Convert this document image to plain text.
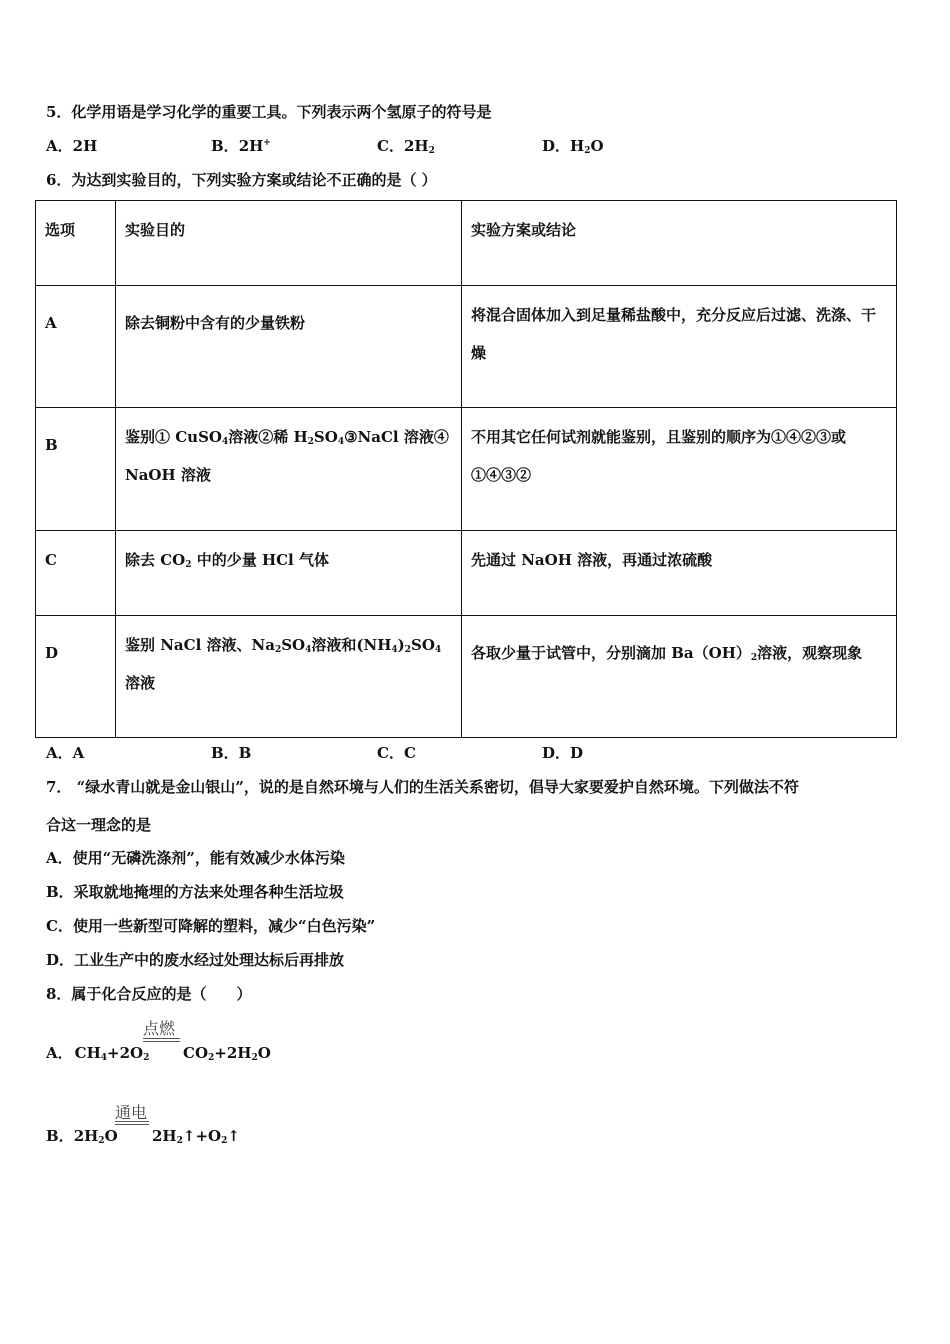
5．化学用语是学习化学的重要工具。下列表示两个氢原子的符号是
A．2H	B．2H+	C．$2H_2$	D．$H_2O$
6．为达到实验目的，下列实验方案或结论不正确的是（ ）
选项	实验目的	实验方案或结论
A	除去铜粉中含有的少量铁粉	将混合固体加入到足量稀盐酸中，充分反应后过滤、洗涤、干燥
B	鉴别① CuSO$_4$溶液②稀 $H_2SO_4③NaCl$ 溶液④ NaOH 溶液	不用其它任何试剂就能鉴别，且鉴别的顺序为①④②③或①④③②
C	除去 $CO_2$ 中的少量 HCl 气体	先通过 NaOH 溶液，再通过浓硫酸
D	鉴别 NaCl 溶液、$Na_2SO_4$溶液和$(NH_4)_2SO_4$溶液	各取少量于试管中，分别滴加 $Ba(OH)_2$溶液，观察现象
A．A	B．B	C．C	D．D
7． “绿水青山就是金山银山”，说的是自然环境与人们的生活关系密切，倡导大家要爱护自然环境。下列做法不符
合这一理念的是
A．使用“无磷洗涤剂”，能有效减少水体污染
B．采取就地掩埋的方法来处理各种生活垃圾
C．使用一些新型可降解的塑料，减少“白色污染”
D．工业生产中的废水经过处理达标后再排放
8．属于化合反应的是（　　）
点燃
A． $CH_4+2O_2$ $CO_2+2H_2O$
通电
B．$2H_2O$ $2H_2↑+O_2↑$
